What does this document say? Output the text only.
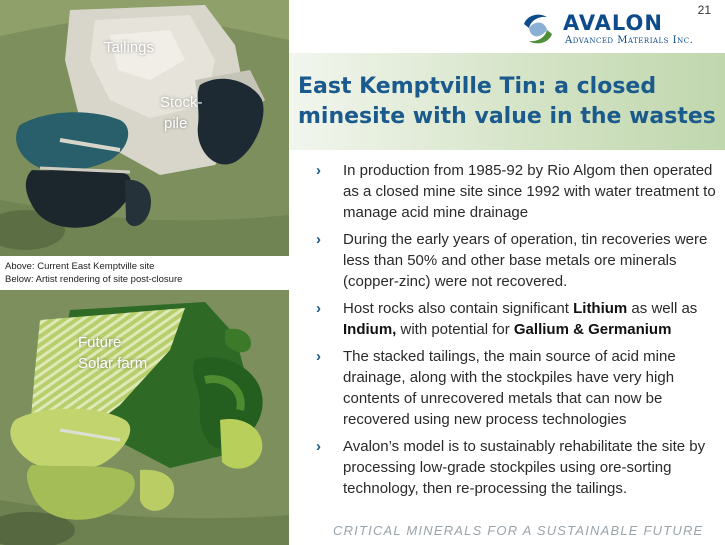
Tailings
Stock-
pile
Above: Current East Kemptville site
Below: Artist rendering of site post-closure
Future
Solar farm
21
AVALON
Advanced Materials Inc.
East Kemptville Tin: a closed minesite with value in the wastes
› In production from 1985-92 by Rio Algom then operated as a closed mine site since 1992 with water treatment to manage acid mine drainage
› During the early years of operation, tin recoveries were less than 50% and other base metals ore minerals (copper-zinc) were not recovered.
› Host rocks also contain significant Lithium as well as Indium, with potential for Gallium & Germanium
› The stacked tailings, the main source of acid mine drainage, along with the stockpiles have very high contents of unrecovered metals that can now be recovered using new process technologies
› Avalon’s model is to sustainably rehabilitate the site by processing low-grade stockpiles using ore-sorting technology, then re-processing the tailings.
CRITICAL MINERALS FOR A SUSTAINABLE FUTURE
